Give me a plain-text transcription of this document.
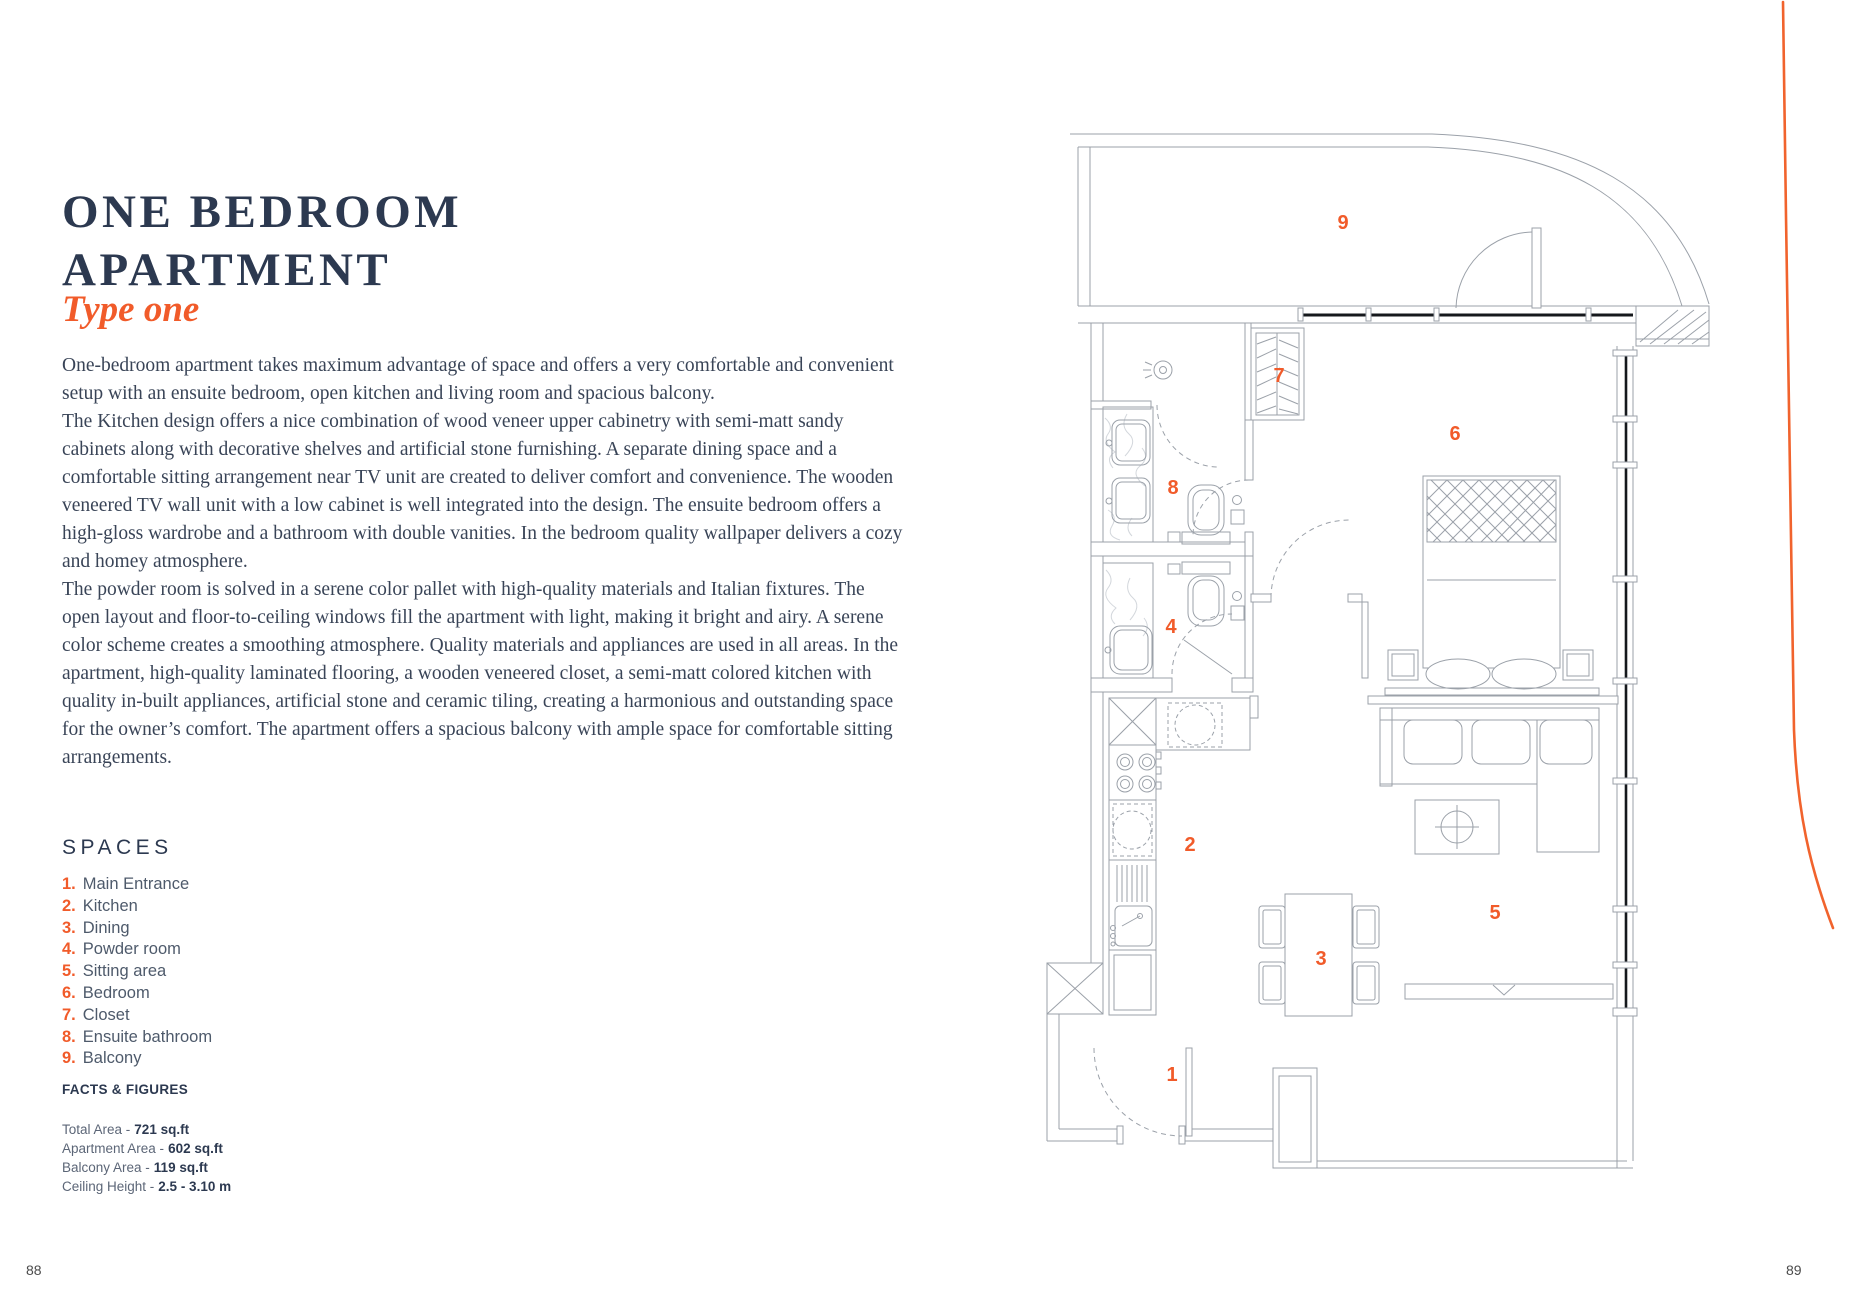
ONE BEDROOM
APARTMENT
Type one

One-bedroom apartment takes maximum advantage of space and offers a very comfortable and convenient setup with an ensuite bedroom, open kitchen and living room and spacious balcony.

The Kitchen design offers a nice combination of wood veneer upper cabinetry with semi-matt sandy cabinets along with decorative shelves and artificial stone furnishing. A separate dining space and a comfortable sitting arrangement near TV unit are created to deliver comfort and convenience. The wooden veneered TV wall unit with a low cabinet is well integrated into the design. The ensuite bedroom offers a high-gloss wardrobe and a bathroom with double vanities. In the bedroom quality wallpaper delivers a cozy and homey atmosphere.

The powder room is solved in a serene color pallet with high-quality materials and Italian fixtures. The open layout and floor-to-ceiling windows fill the apartment with light, making it bright and airy. A serene color scheme creates a smoothing atmosphere. Quality materials and appliances are used in all areas. In the apartment, high-quality laminated flooring, a wooden veneered closet, a semi-matt colored kitchen with quality in-built appliances, artificial stone and ceramic tiling, creating a harmonious and outstanding space for the owner’s comfort. The apartment offers a spacious balcony with ample space for comfortable sitting arrangements.

SPACES
1. Main Entrance
2. Kitchen
3. Dining
4. Powder room
5. Sitting area
6. Bedroom
7. Closet
8. Ensuite bathroom
9. Balcony
FACTS & FIGURES
Total Area - 721 sq.ft
Apartment Area - 602 sq.ft
Balcony Area - 119 sq.ft
Ceiling Height - 2.5 - 3.10 m
1
2
3
4
5
6
7
8
9
88	89
